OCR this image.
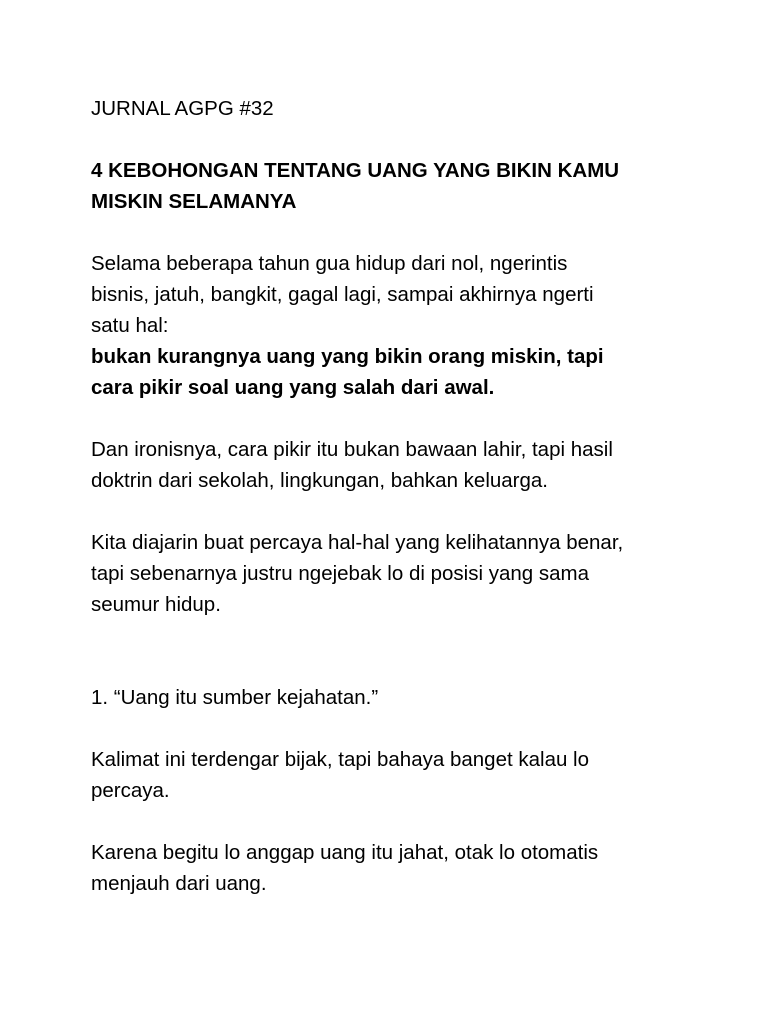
JURNAL AGPG #32

4 KEBOHONGAN TENTANG UANG YANG BIKIN KAMU

MISKIN SELAMANYA

Selama beberapa tahun gua hidup dari nol, ngerintis

bisnis, jatuh, bangkit, gagal lagi, sampai akhirnya ngerti

satu hal:

bukan kurangnya uang yang bikin orang miskin, tapi

cara pikir soal uang yang salah dari awal.

Dan ironisnya, cara pikir itu bukan bawaan lahir, tapi hasil

doktrin dari sekolah, lingkungan, bahkan keluarga.

Kita diajarin buat percaya hal-hal yang kelihatannya benar,

tapi sebenarnya justru ngejebak lo di posisi yang sama

seumur hidup.

1. “Uang itu sumber kejahatan.”

Kalimat ini terdengar bijak, tapi bahaya banget kalau lo

percaya.

Karena begitu lo anggap uang itu jahat, otak lo otomatis

menjauh dari uang.
